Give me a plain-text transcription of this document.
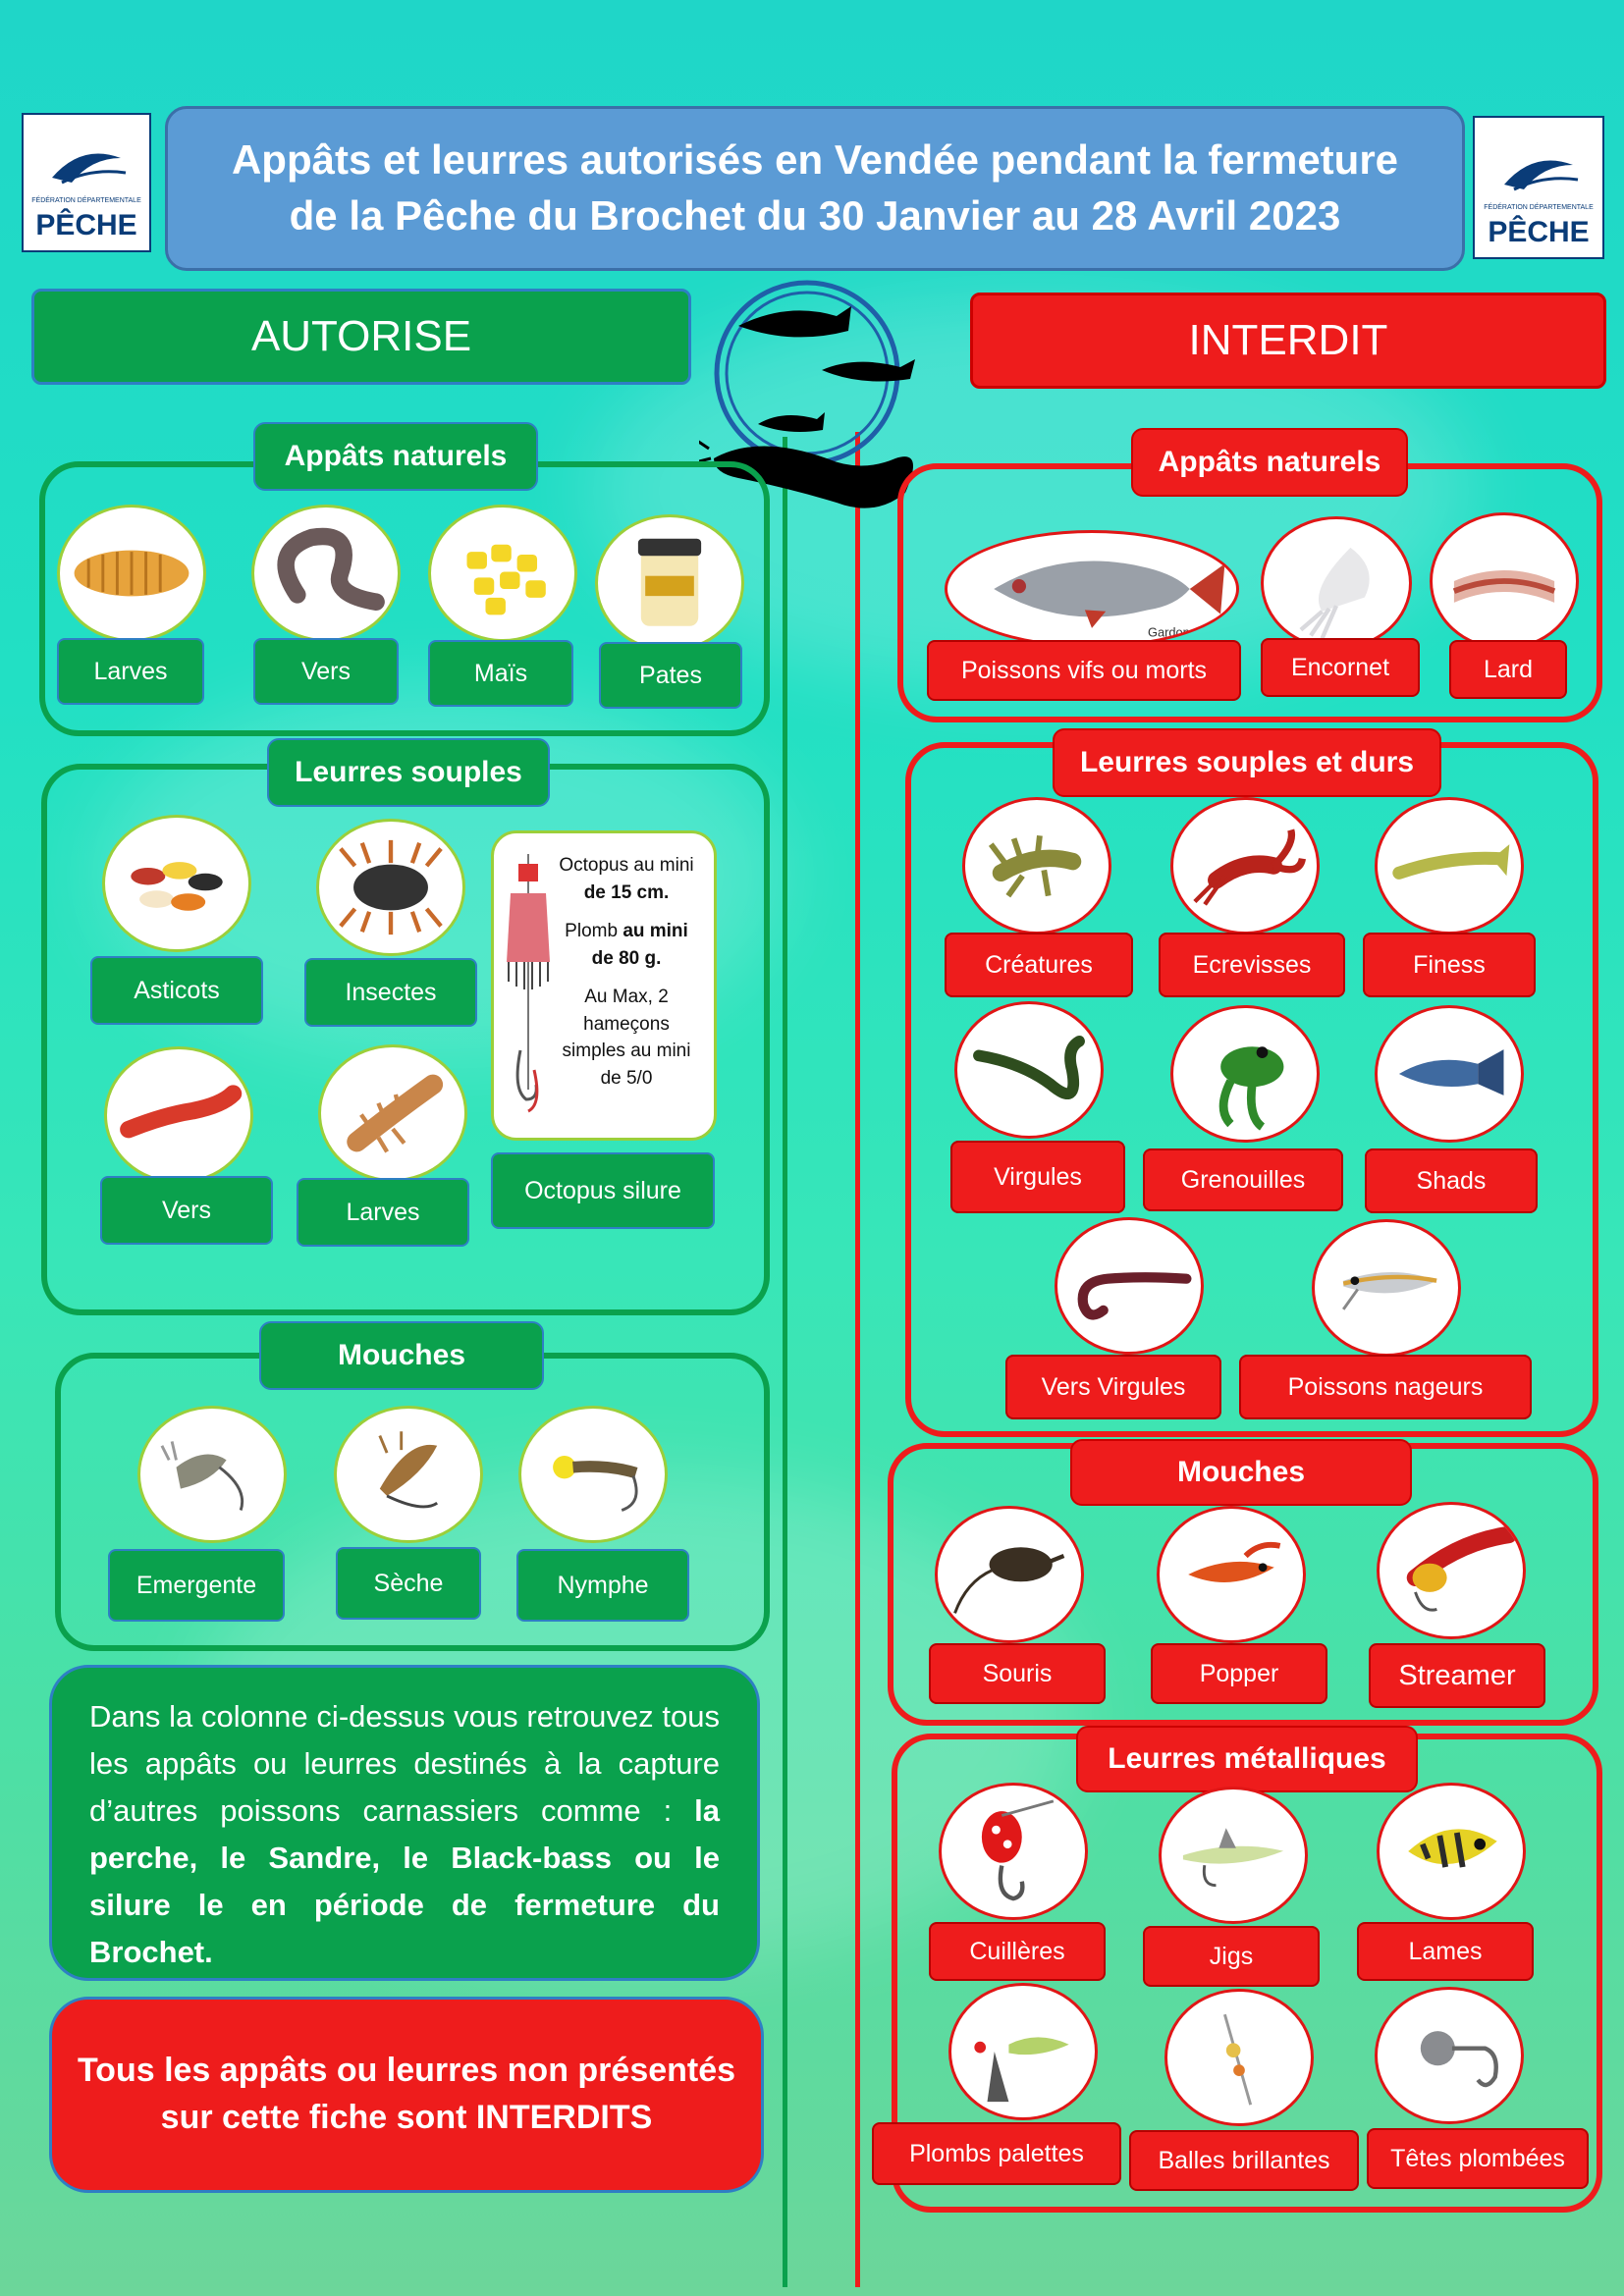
FÉDÉRATION DÉPARTEMENTALE
PÊCHE
FÉDÉRATION DÉPARTEMENTALE
PÊCHE
Appâts et leurres autorisés en Vendée pendant la fermeture
de la Pêche du Brochet du 30 Janvier au 28 Avril 2023
AUTORISE	INTERDIT
Appâts naturels
Larves	Vers	Maïs	Pates
Leurres souples
Octopus au mini
de 15 cm.
Plomb au mini
de 80 g.
Au Max, 2
hameçons
simples au mini
de 5/0
Asticots	Insectes
Vers	Larves
Octopus silure
Mouches
Emergente	Sèche	Nymphe
Dans la colonne ci-dessus vous retrouvez tous les appâts ou leurres destinés à la capture d’autres poissons carnassiers comme : la perche, le Sandre, le Black-bass ou le silure le en période de fermeture du Brochet.
Tous les appâts ou leurres non présentés
sur cette fiche sont INTERDITS
Appâts naturels
Gardon
Poissons vifs ou morts	Encornet	Lard
Leurres souples et durs
Créatures	Ecrevisses	Finess
Virgules	Grenouilles	Shads
Vers Virgules	Poissons nageurs
Mouches
Souris	Popper	Streamer
Leurres métalliques
Cuillères	Jigs	Lames
Plombs palettes	Balles brillantes	Têtes plombées
